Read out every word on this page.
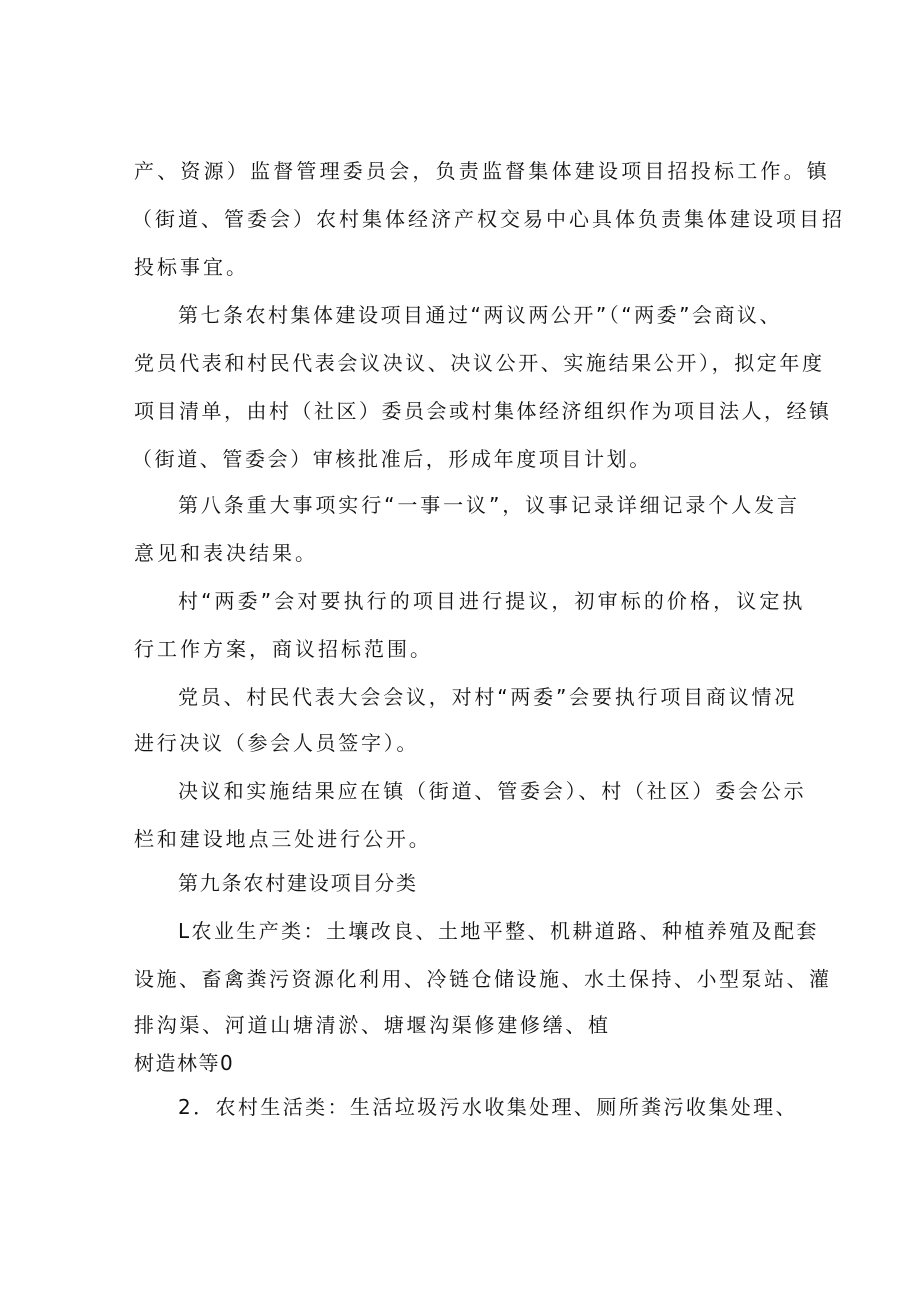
产、资源）监督管理委员会，负责监督集体建设项目招投标工作。镇

（街道、管委会）农村集体经济产权交易中心具体负责集体建设项目招

投标事宜。

第七条农村集体建设项目通过“两议两公开”（“两委”会商议、

党员代表和村民代表会议决议、决议公开、实施结果公开），拟定年度

项目清单，由村（社区）委员会或村集体经济组织作为项目法人，经镇

（街道、管委会）审核批准后，形成年度项目计划。

第八条重大事项实行“一事一议”，议事记录详细记录个人发言

意见和表决结果。

村“两委”会对要执行的项目进行提议，初审标的价格，议定执

行工作方案，商议招标范围。

党员、村民代表大会会议，对村“两委”会要执行项目商议情况

进行决议（参会人员签字）。

决议和实施结果应在镇（街道、管委会）、村（社区）委会公示

栏和建设地点三处进行公开。

第九条农村建设项目分类

L农业生产类：土壤改良、土地平整、机耕道路、种植养殖及配套

设施、畜禽粪污资源化利用、冷链仓储设施、水土保持、小型泵站、灌

排沟渠、河道山塘清淤、塘堰沟渠修建修缮、植

树造林等0

2．农村生活类：生活垃圾污水收集处理、厕所粪污收集处理、
